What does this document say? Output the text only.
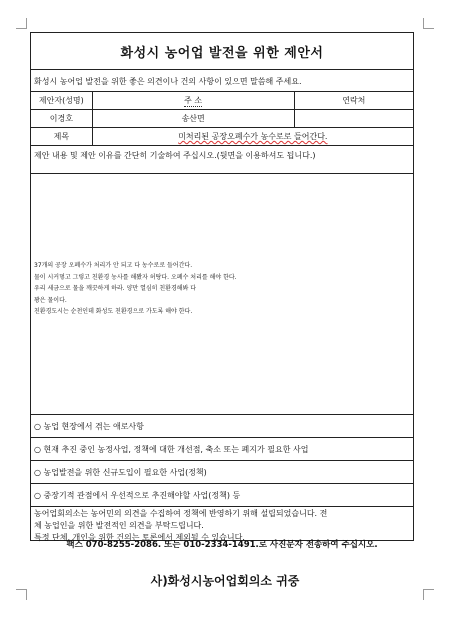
화성시 농어업 발전을 위한 제안서
화성시 농어업 발전을 위한 좋은 의견이나 건의 사항이 있으면 말씀해 주세요.
제안자(성명)	주 소	연락처
이경호	송산면
제목	미처리된 공장오폐수가 농수로로 들어간다.
제안 내용 및 제안 이유를 간단히 기술하여 주십시오.(뒷면을 이용하셔도 됩니다.)
37개의 공장 오폐수가 처리가 안 되고 다 농수로로 들어간다.
물이 시커멓고 그렇고 친환경 농사를 해봤자 허탕다. 오폐수 처리를 해야 한다.
우리 세금으로 물을 깨끗하게 하라. 양만 열심히 친환경해봐 다
꽝은 물이다.
친환경도시는 순천인데 화성도 친환경으로 가도록 해야 한다.
○ 농업 현장에서 겪는 애로사항
○ 현재 추진 중인 농정사업, 정책에 대한 개선점, 축소 또는 폐지가 필요한 사업
○ 농업발전을 위한 신규도입이 필요한 사업(정책)
○ 중장기적 관점에서 우선적으로 추진해야할 사업(정책) 등
농어업회의소는 농어민의 의견을 수집하여 정책에 반영하기 위해 설립되었습니다. 전
체 농업인을 위한 발전적인 의견을 부탁드립니다.
특정 단체, 개인을 위한 건의는 토론에서 제외될 수 있습니다.
팩스 070-8255-2086. 또는 010-2334-1491.로 사진문자 전송하여 주십시오.
사)화성시농어업회의소 귀중
